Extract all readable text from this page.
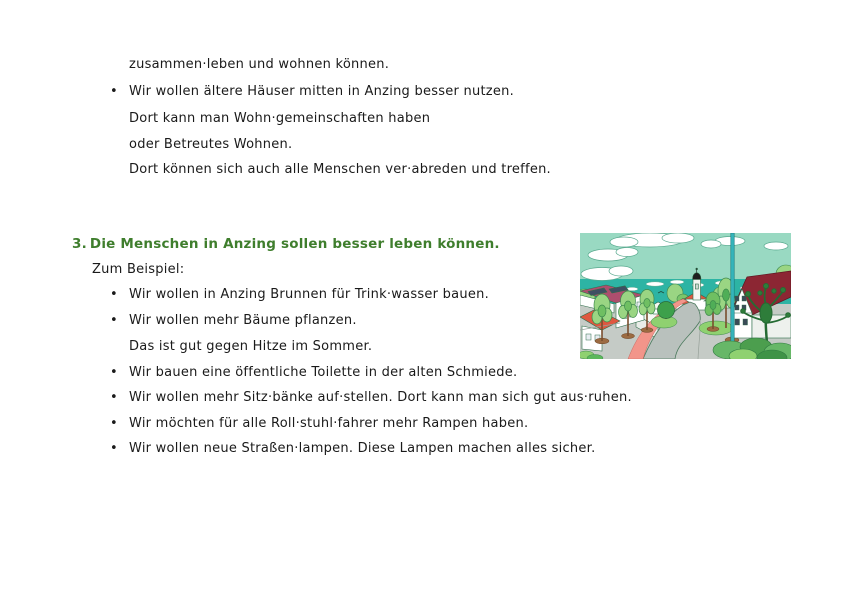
zusammen·leben und wohnen können.
• Wir wollen ältere Häuser mitten in Anzing besser nutzen.
Dort kann man Wohn·gemeinschaften haben
oder Betreutes Wohnen.
Dort können sich auch alle Menschen ver·abreden und treffen.
3. Die Menschen in Anzing sollen besser leben können.
Zum Beispiel:
• Wir wollen in Anzing Brunnen für Trink·wasser bauen.
• Wir wollen mehr Bäume pflanzen.
Das ist gut gegen Hitze im Sommer.
• Wir bauen eine öffentliche Toilette in der alten Schmiede.
• Wir wollen mehr Sitz·bänke auf·stellen. Dort kann man sich gut aus·ruhen.
• Wir möchten für alle Roll·stuhl·fahrer mehr Rampen haben.
• Wir wollen neue Straßen·lampen. Diese Lampen machen alles sicher.
